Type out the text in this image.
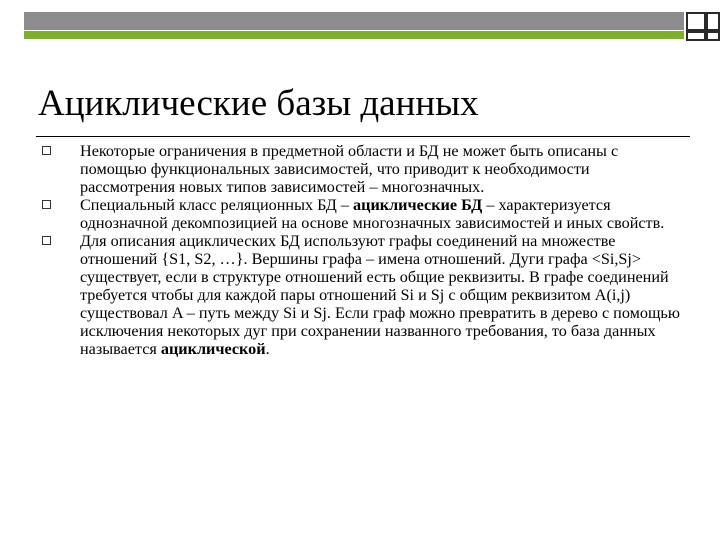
Ациклические базы данных
Некоторые ограничения в предметной области и БД не может быть описаны с помощью функциональных зависимостей, что приводит к необходимости рассмотрения новых типов зависимостей – многозначных.
Специальный класс реляционных БД – ациклические БД – характеризуется однозначной декомпозицией на основе многозначных зависимостей и иных свойств.
Для описания ациклических БД используют графы соединений на множестве отношений {S1, S2, …}. Вершины графа – имена отношений. Дуги графа <Si,Sj> существует, если в структуре отношений есть общие реквизиты. В графе соединений требуется чтобы для каждой пары отношений Si и Sj с общим реквизитом A(i,j) существовал A – путь между Si и Sj. Если граф можно превратить в дерево с помощью исключения некоторых дуг при сохранении названного требования, то база данных называется ациклической.
